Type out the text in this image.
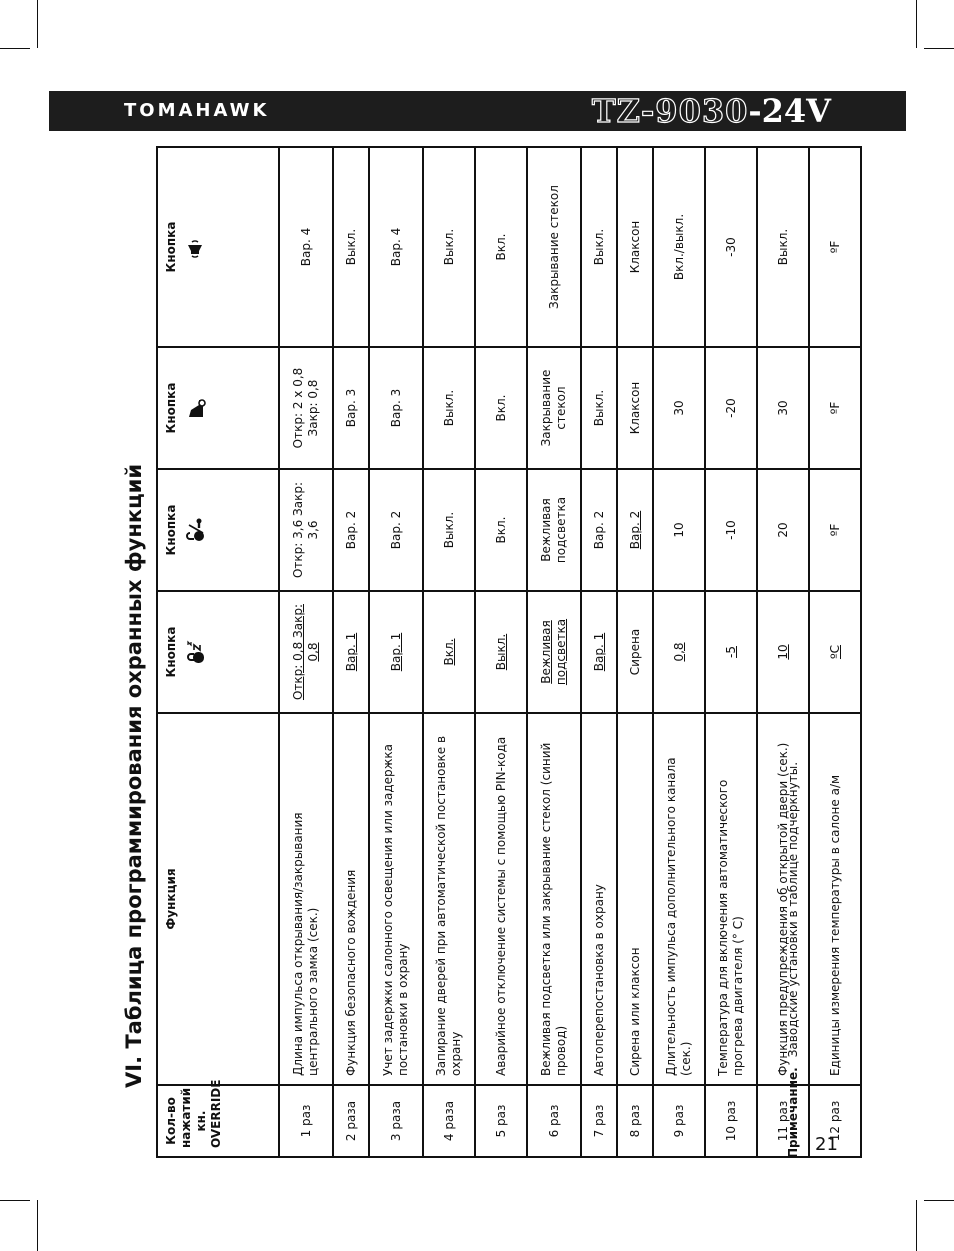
TOMAHAWK	TZ-9030-24V
VI. Таблица программирования охранных функций
Кол-во нажатий кн. OVERRIDE	Функция	Кнопка	Кнопка	Кнопка	Кнопка

1 раз	Длина импульса открывания/закрывания центрального замка (сек.)	Откр: 0,8 Закр: 0,8	Откр: 3,6 Закр: 3,6	Откр: 2 х 0,8 Закр: 0,8	Вар. 4
2 раза	Функция безопасного вождения	Вар. 1	Вар. 2	Вар. 3	Выкл.
3 раза	Учет задержки салонного освещения или задержка постановки в охрану	Вар. 1	Вар. 2	Вар. 3	Вар. 4
4 раза	Запирание дверей при автоматической постановке в охрану	Вкл.	Выкл.	Выкл.	Выкл.
5 раз	Аварийное отключение системы с помощью PIN-кода	Выкл.	Вкл.	Вкл.	Вкл.
6 раз	Вежливая подсветка или закрывание стекол (синий провод)	Вежливая подсветка	Вежливая подсветка	Закрывание стекол	Закрывание стекол
7 раз	Автоперепостановка в охрану	Вар. 1	Вар. 2	Выкл.	Выкл.
8 раз	Сирена или клаксон	Сирена	Вар. 2	Клаксон	Клаксон
9 раз	Длительность импульса дополнительного канала (сек.)	0,8	10	30	Вкл./выкл.
10 раз	Температура для включения автоматического прогрева двигателя (° С)	-5	-10	-20	-30
11 раз	Функция предупреждения об открытой двери (сек.)	10	20	30	Выкл.
12 раз	Единицы измерения температуры в салоне а/м	ºC	ºF	ºF	ºF
Примечание.Заводские установки в таблице подчеркнуты.
21
